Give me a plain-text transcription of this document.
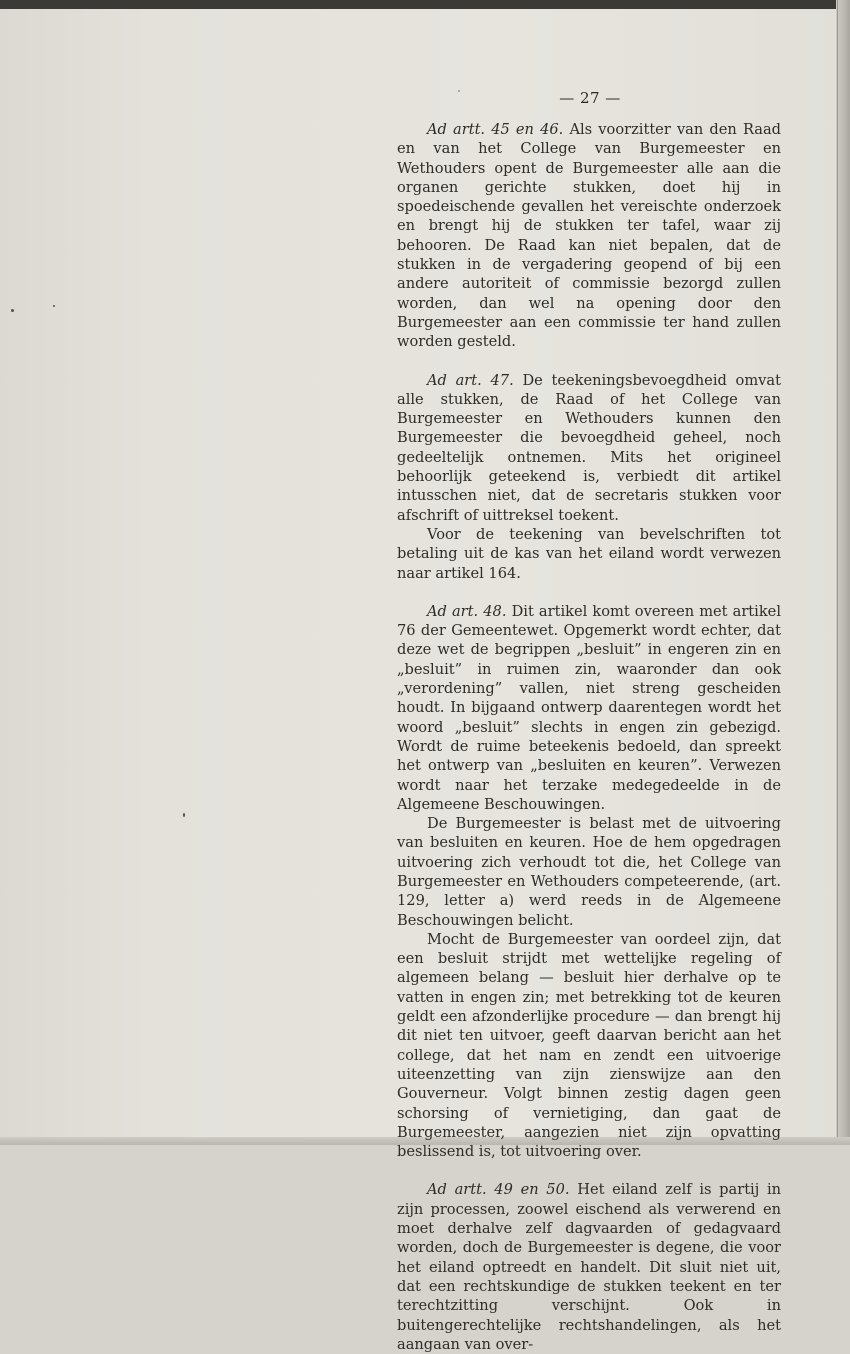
— 27 —

Ad artt. 45 en 46. Als voorzitter van den Raad en van het College van Burgemeester en Wethouders opent de Burgemeester alle aan die organen gerichte stukken, doet hij in spoedeischende gevallen het vereischte onderzoek en brengt hij de stukken ter tafel, waar zij behooren. De Raad kan niet bepalen, dat de stukken in de vergadering geopend of bij een andere autoriteit of commissie bezorgd zullen worden, dan wel na opening door den Burgemeester aan een commissie ter hand zullen worden gesteld.

Ad art. 47. De teekeningsbevoegdheid omvat alle stukken, de Raad of het College van Burgemeester en Wethouders kunnen den Burgemeester die bevoegdheid geheel, noch gedeeltelijk ontnemen. Mits het origineel behoorlijk geteekend is, verbiedt dit artikel intusschen niet, dat de secretaris stukken voor afschrift of uittreksel toekent.

Voor de teekening van bevelschriften tot betaling uit de kas van het eiland wordt verwezen naar artikel 164.

Ad art. 48. Dit artikel komt overeen met artikel 76 der Gemeentewet. Opgemerkt wordt echter, dat deze wet de begrippen „besluit” in engeren zin en „besluit” in ruimen zin, waaronder dan ook „verordening” vallen, niet streng gescheiden houdt. In bijgaand ontwerp daarentegen wordt het woord „besluit” slechts in engen zin gebezigd. Wordt de ruime beteekenis bedoeld, dan spreekt het ontwerp van „besluiten en keuren”. Verwezen wordt naar het terzake medegedeelde in de Algemeene Beschouwingen.

De Burgemeester is belast met de uitvoering van besluiten en keuren. Hoe de hem opgedragen uitvoering zich verhoudt tot die, het College van Burgemeester en Wethouders competeerende, (art. 129, letter a) werd reeds in de Algemeene Beschouwingen belicht.

Mocht de Burgemeester van oordeel zijn, dat een besluit strijdt met wettelijke regeling of algemeen belang — besluit hier derhalve op te vatten in engen zin; met betrekking tot de keuren geldt een afzonderlijke procedure — dan brengt hij dit niet ten uitvoer, geeft daarvan bericht aan het college, dat het nam en zendt een uitvoerige uiteenzetting van zijn zienswijze aan den Gouverneur. Volgt binnen zestig dagen geen schorsing of vernietiging, dan gaat de Burgemeester, aangezien niet zijn opvatting beslissend is, tot uitvoering over.

Ad artt. 49 en 50. Het eiland zelf is partij in zijn processen, zoowel eischend als verwerend en moet derhalve zelf dagvaarden of gedagvaard worden, doch de Burgemeester is degene, die voor het eiland optreedt en handelt. Dit sluit niet uit, dat een rechtskundige de stukken teekent en ter terechtzitting verschijnt. Ook in buitengerechtelijke rechtshandelingen, als het aangaan van over-
